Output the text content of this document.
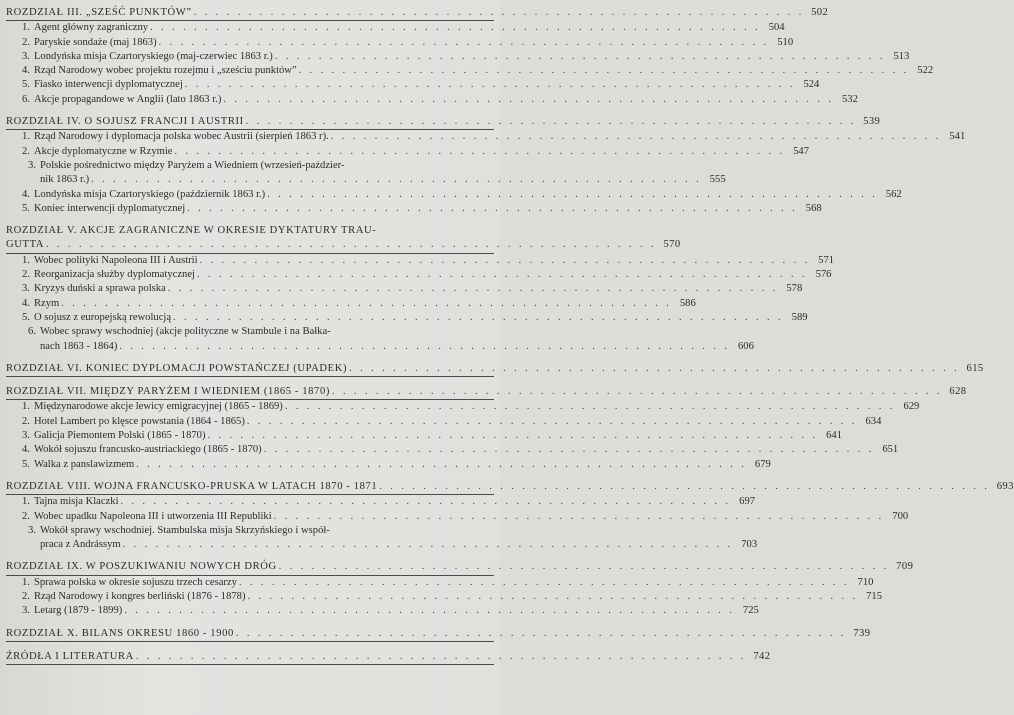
ROZDZIAŁ III. „SZEŚĆ PUNKTÓW” . . . . . . . . . . . . . . . . . . . . . . . . . . . . . . . . . . . . . . . . . . . . . . . . . . . . . . . . 502
1. Agent główny zagraniczny . . . . . . . . . . . . . . . . . . . . . . . . . . . . . . . . . . . . . . . . . . . . . . . . . . . . . . . . 504
2. Paryskie sondaże (maj 1863) . . . . . . . . . . . . . . . . . . . . . . . . . . . . . . . . . . . . . . . . . . . . . . . . . . . . . . . . 510
3. Londyńska misja Czartoryskiego (maj-czerwiec 1863 r.) . . . . . . . . . . . . . . . . . . . . . . . . . . . . . . . . . . . . . . . . . . . . . . . . . . . . . . . . 513
4. Rząd Narodowy wobec projektu rozejmu i „sześciu punktów” . . . . . . . . . . . . . . . . . . . . . . . . . . . . . . . . . . . . . . . . . . . . . . . . . . . . . . . . 522
5. Fiasko interwencji dyplomatycznej . . . . . . . . . . . . . . . . . . . . . . . . . . . . . . . . . . . . . . . . . . . . . . . . . . . . . . . . 524
6. Akcje propagandowe w Anglii (lato 1863 r.) . . . . . . . . . . . . . . . . . . . . . . . . . . . . . . . . . . . . . . . . . . . . . . . . . . . . . . . . 532
ROZDZIAŁ IV. O SOJUSZ FRANCJI I AUSTRII . . . . . . . . . . . . . . . . . . . . . . . . . . . . . . . . . . . . . . . . . . . . . . . . . . . . . . . . 539
1. Rząd Narodowy i dyplomacja polska wobec Austrii (sierpień 1863 r). . . . . . . . . . . . . . . . . . . . . . . . . . . . . . . . . . . . . . . . . . . . . . . . . . . . . . . . . 541
2. Akcje dyplomatyczne w Rzymie . . . . . . . . . . . . . . . . . . . . . . . . . . . . . . . . . . . . . . . . . . . . . . . . . . . . . . . . 547
3. Polskie pośrednictwo między Paryżem a Wiedniem (wrzesień-paździer-
nik 1863 r.) . . . . . . . . . . . . . . . . . . . . . . . . . . . . . . . . . . . . . . . . . . . . . . . . . . . . . . . . 555
4. Londyńska misja Czartoryskiego (październik 1863 r.) . . . . . . . . . . . . . . . . . . . . . . . . . . . . . . . . . . . . . . . . . . . . . . . . . . . . . . . . 562
5. Koniec interwencji dyplomatycznej . . . . . . . . . . . . . . . . . . . . . . . . . . . . . . . . . . . . . . . . . . . . . . . . . . . . . . . . 568
ROZDZIAŁ V. AKCJE ZAGRANICZNE W OKRESIE DYKTATURY TRAU-
GUTTA . . . . . . . . . . . . . . . . . . . . . . . . . . . . . . . . . . . . . . . . . . . . . . . . . . . . . . . . 570
1. Wobec polityki Napoleona III i Austrii . . . . . . . . . . . . . . . . . . . . . . . . . . . . . . . . . . . . . . . . . . . . . . . . . . . . . . . . 571
2. Reorganizacja służby dyplomatycznej . . . . . . . . . . . . . . . . . . . . . . . . . . . . . . . . . . . . . . . . . . . . . . . . . . . . . . . . 576
3. Kryzys duński a sprawa polska . . . . . . . . . . . . . . . . . . . . . . . . . . . . . . . . . . . . . . . . . . . . . . . . . . . . . . . . 578
4. Rzym . . . . . . . . . . . . . . . . . . . . . . . . . . . . . . . . . . . . . . . . . . . . . . . . . . . . . . . . 586
5. O sojusz z europejską rewolucją . . . . . . . . . . . . . . . . . . . . . . . . . . . . . . . . . . . . . . . . . . . . . . . . . . . . . . . . 589
6. Wobec sprawy wschodniej (akcje polityczne w Stambule i na Bałka-
nach 1863 - 1864) . . . . . . . . . . . . . . . . . . . . . . . . . . . . . . . . . . . . . . . . . . . . . . . . . . . . . . . . 606
ROZDZIAŁ VI. KONIEC DYPLOMACJI POWSTAŃCZEJ (UPADEK) . . . . . . . . . . . . . . . . . . . . . . . . . . . . . . . . . . . . . . . . . . . . . . . . . . . . . . . . 615
ROZDZIAŁ VII. MIĘDZY PARYŻEM I WIEDNIEM (1865 - 1870) . . . . . . . . . . . . . . . . . . . . . . . . . . . . . . . . . . . . . . . . . . . . . . . . . . . . . . . . 628
1. Międzynarodowe akcje lewicy emigracyjnej (1865 - 1869) . . . . . . . . . . . . . . . . . . . . . . . . . . . . . . . . . . . . . . . . . . . . . . . . . . . . . . . . 629
2. Hotel Lambert po klęsce powstania (1864 - 1865) . . . . . . . . . . . . . . . . . . . . . . . . . . . . . . . . . . . . . . . . . . . . . . . . . . . . . . . . 634
3. Galicja Piemontem Polski (1865 - 1870) . . . . . . . . . . . . . . . . . . . . . . . . . . . . . . . . . . . . . . . . . . . . . . . . . . . . . . . . 641
4. Wokół sojuszu francusko-austriackiego (1865 - 1870) . . . . . . . . . . . . . . . . . . . . . . . . . . . . . . . . . . . . . . . . . . . . . . . . . . . . . . . . 651
5. Walka z panslawizmem . . . . . . . . . . . . . . . . . . . . . . . . . . . . . . . . . . . . . . . . . . . . . . . . . . . . . . . . 679
ROZDZIAŁ VIII. WOJNA FRANCUSKO-PRUSKA W LATACH 1870 - 1871 . . . . . . . . . . . . . . . . . . . . . . . . . . . . . . . . . . . . . . . . . . . . . . . . . . . . . . . . 693
1. Tajna misja Klaczki . . . . . . . . . . . . . . . . . . . . . . . . . . . . . . . . . . . . . . . . . . . . . . . . . . . . . . . . 697
2. Wobec upadku Napoleona III i utworzenia III Republiki . . . . . . . . . . . . . . . . . . . . . . . . . . . . . . . . . . . . . . . . . . . . . . . . . . . . . . . . 700
3. Wokół sprawy wschodniej. Stambulska misja Skrzyńskiego i współ-
praca z Andrássym . . . . . . . . . . . . . . . . . . . . . . . . . . . . . . . . . . . . . . . . . . . . . . . . . . . . . . . . 703
ROZDZIAŁ IX. W POSZUKIWANIU NOWYCH DRÓG . . . . . . . . . . . . . . . . . . . . . . . . . . . . . . . . . . . . . . . . . . . . . . . . . . . . . . . . 709
1. Sprawa polska w okresie sojuszu trzech cesarzy . . . . . . . . . . . . . . . . . . . . . . . . . . . . . . . . . . . . . . . . . . . . . . . . . . . . . . . . 710
2. Rząd Narodowy i kongres berliński (1876 - 1878) . . . . . . . . . . . . . . . . . . . . . . . . . . . . . . . . . . . . . . . . . . . . . . . . . . . . . . . . 715
3. Letarg (1879 - 1899) . . . . . . . . . . . . . . . . . . . . . . . . . . . . . . . . . . . . . . . . . . . . . . . . . . . . . . . . 725
ROZDZIAŁ X. BILANS OKRESU 1860 - 1900 . . . . . . . . . . . . . . . . . . . . . . . . . . . . . . . . . . . . . . . . . . . . . . . . . . . . . . . . 739
ŹRÓDŁA I LITERATURA . . . . . . . . . . . . . . . . . . . . . . . . . . . . . . . . . . . . . . . . . . . . . . . . . . . . . . . . 742
